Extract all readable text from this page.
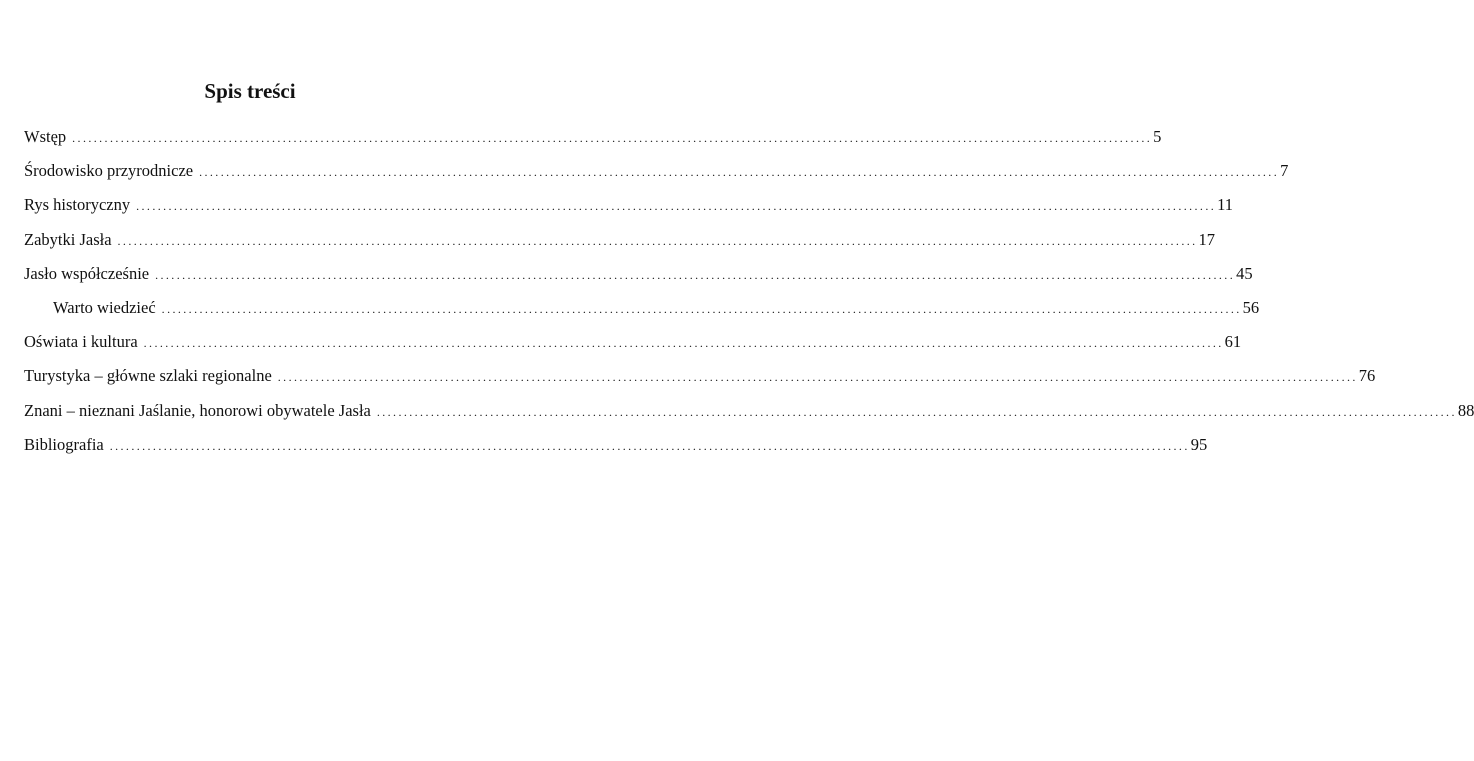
Spis treści
Wstęp ........................................................................................................................................................................................................ 5
Środowisko przyrodnicze ........................................................................................................................................................................................................ 7
Rys historyczny ........................................................................................................................................................................................................ 11
Zabytki Jasła ........................................................................................................................................................................................................ 17
Jasło współcześnie ........................................................................................................................................................................................................ 45
Warto wiedzieć ........................................................................................................................................................................................................ 56
Oświata i kultura ........................................................................................................................................................................................................ 61
Turystyka – główne szlaki regionalne ........................................................................................................................................................................................................ 76
Znani – nieznani Jaślanie, honorowi obywatele Jasła ........................................................................................................................................................................................................ 88
Bibliografia ........................................................................................................................................................................................................ 95
